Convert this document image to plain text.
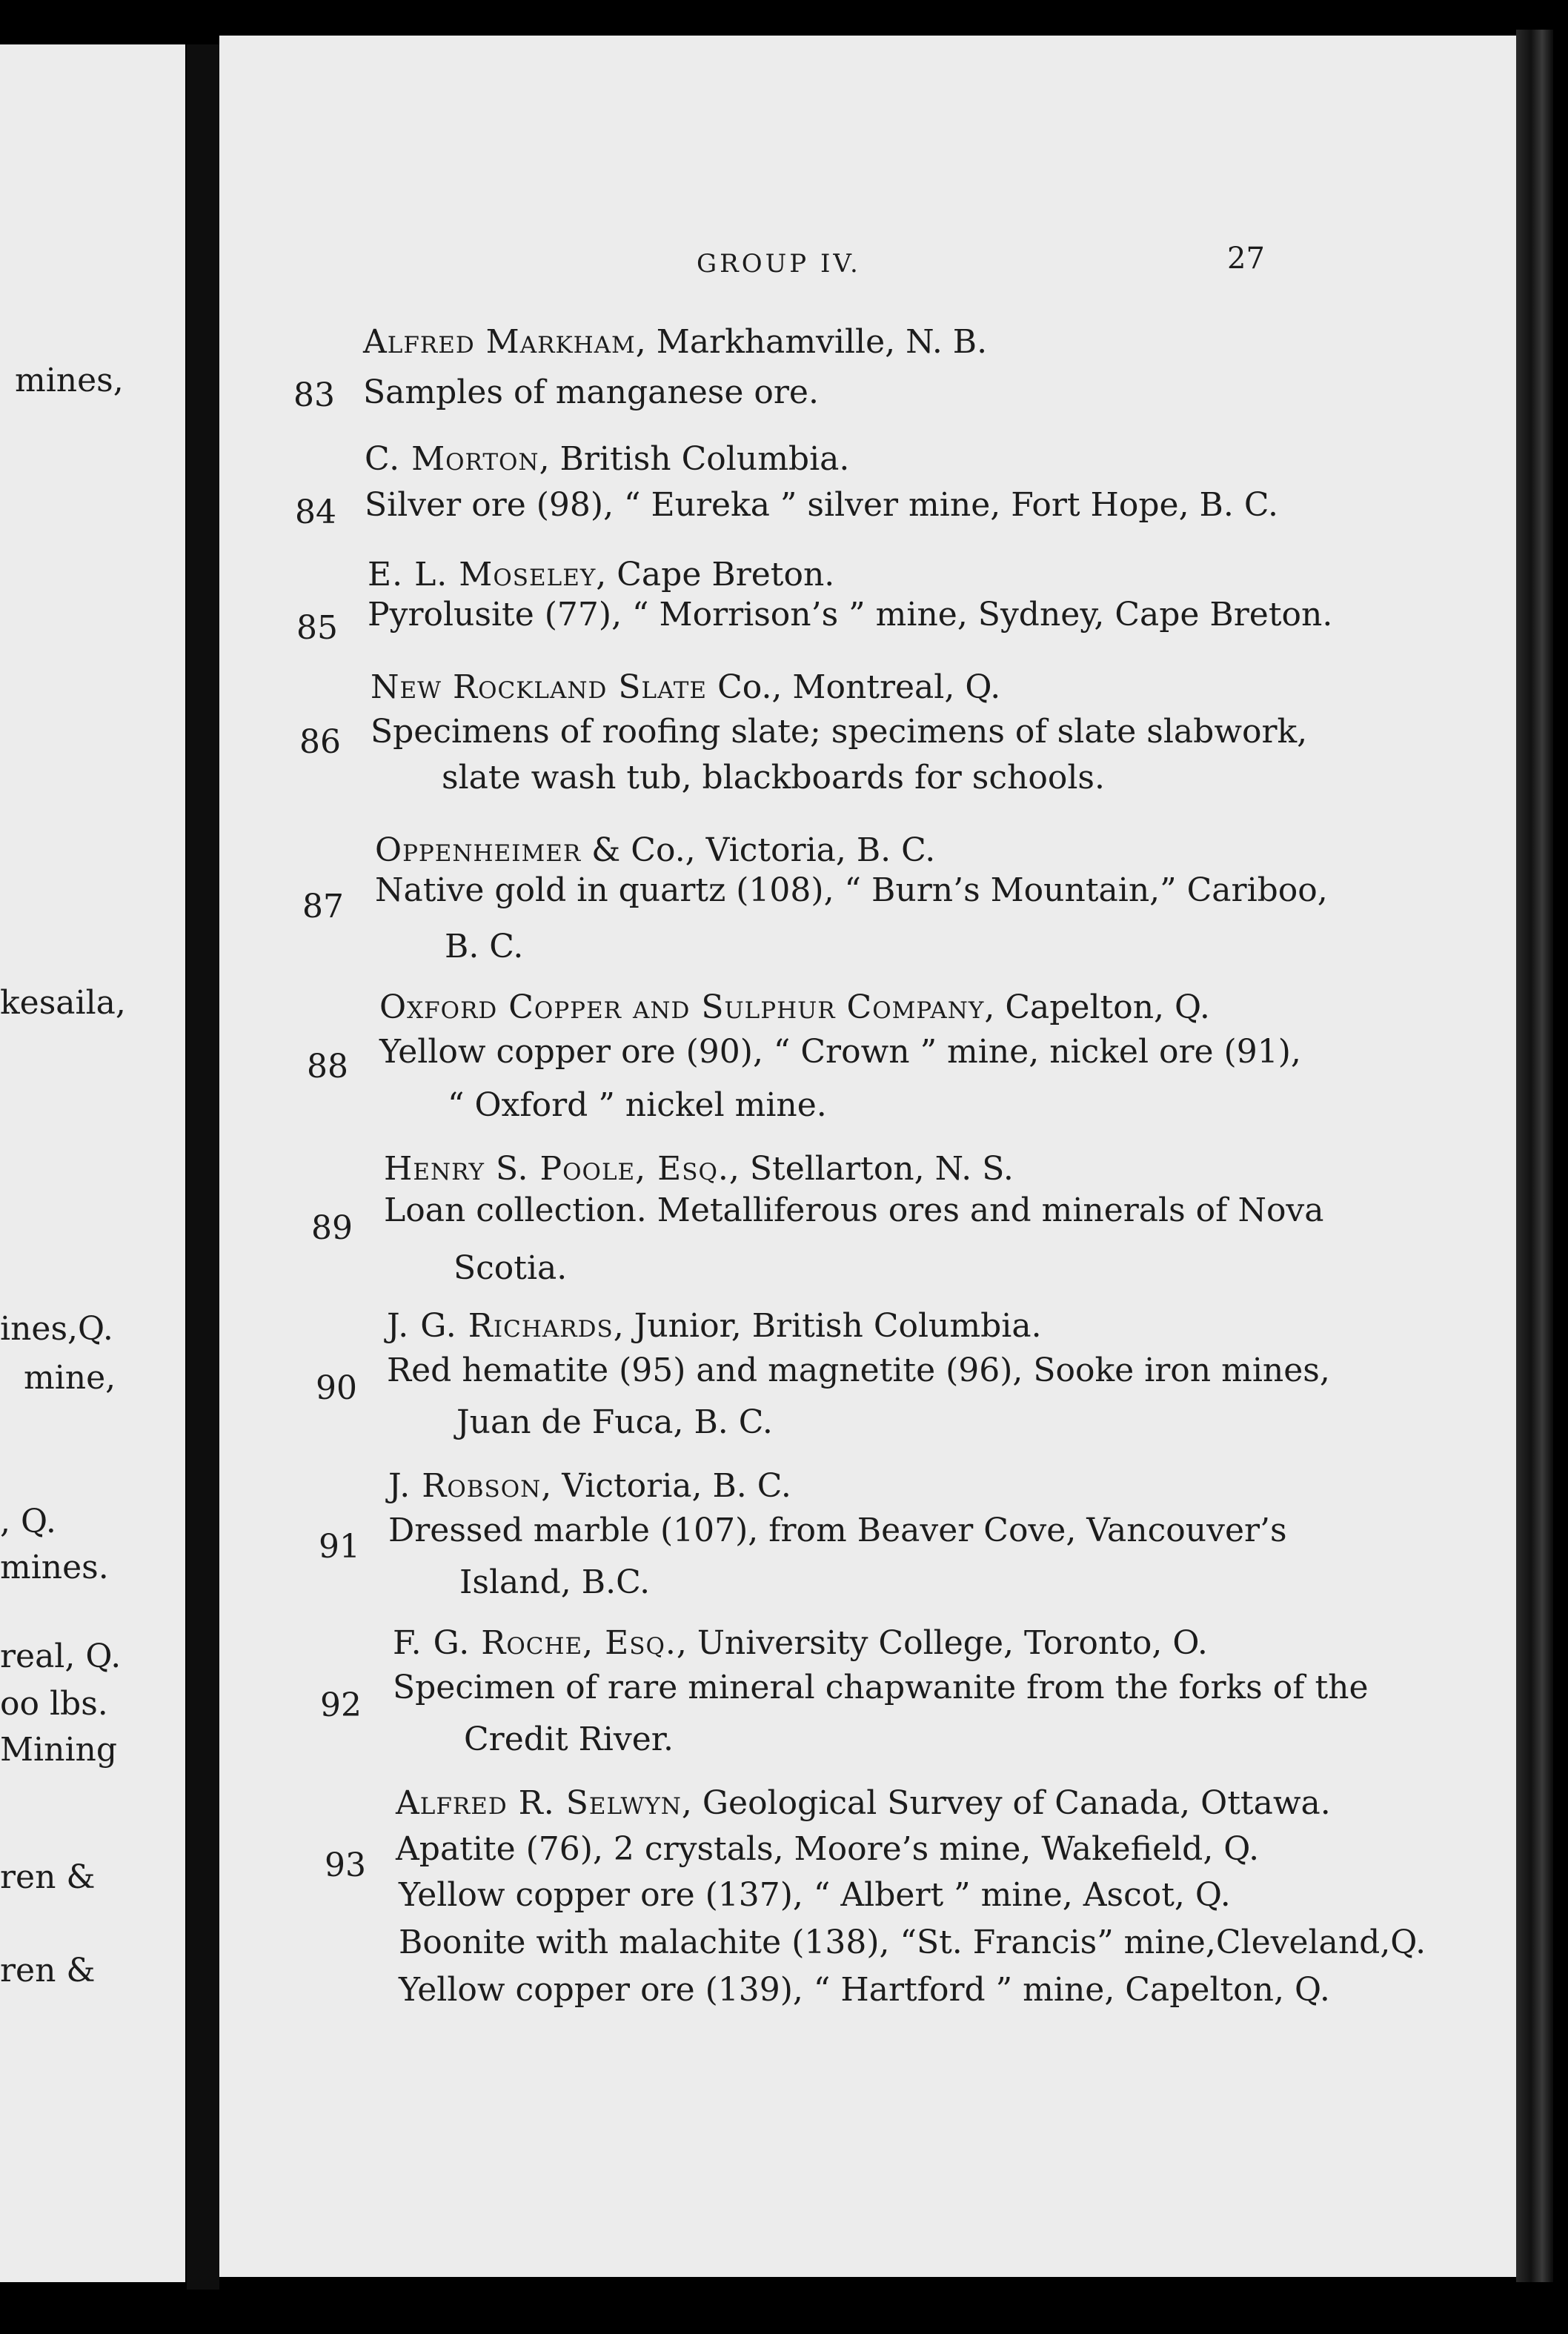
mines,
kesaila,
ines,Q.
mine,
, Q.
mines.
real, Q.
oo lbs.
Mining
ren &
ren &
GROUP IV.	27
Alfred Markham, Markhamville, N. B.
83 Samples of manganese ore.
C. Morton, British Columbia.
84 Silver ore (98), “ Eureka ” silver mine, Fort Hope, B. C.
E. L. Moseley, Cape Breton.
85 Pyrolusite (77), “ Morrison’s ” mine, Sydney, Cape Breton.
New Rockland Slate Co., Montreal, Q.
86 Specimens of roofing slate; specimens of slate slabwork,
slate wash tub, blackboards for schools.
Oppenheimer & Co., Victoria, B. C.
87 Native gold in quartz (108), “ Burn’s Mountain,” Cariboo,
B. C.
Oxford Copper and Sulphur Company, Capelton, Q.
88 Yellow copper ore (90), “ Crown ” mine, nickel ore (91),
“ Oxford ” nickel mine.
Henry S. Poole, Esq., Stellarton, N. S.
89 Loan collection. Metalliferous ores and minerals of Nova
Scotia.
J. G. Richards, Junior, British Columbia.
90 Red hematite (95) and magnetite (96), Sooke iron mines,
Juan de Fuca, B. C.
J. Robson, Victoria, B. C.
91 Dressed marble (107), from Beaver Cove, Vancouver’s
Island, B.C.
F. G. Roche, Esq., University College, Toronto, O.
92 Specimen of rare mineral chapwanite from the forks of the
Credit River.
Alfred R. Selwyn, Geological Survey of Canada, Ottawa.
93 Apatite (76), 2 crystals, Moore’s mine, Wakefield, Q.
Yellow copper ore (137), “ Albert ” mine, Ascot, Q.
Boonite with malachite (138), “St. Francis” mine,Cleveland,Q.
Yellow copper ore (139), “ Hartford ” mine, Capelton, Q.
